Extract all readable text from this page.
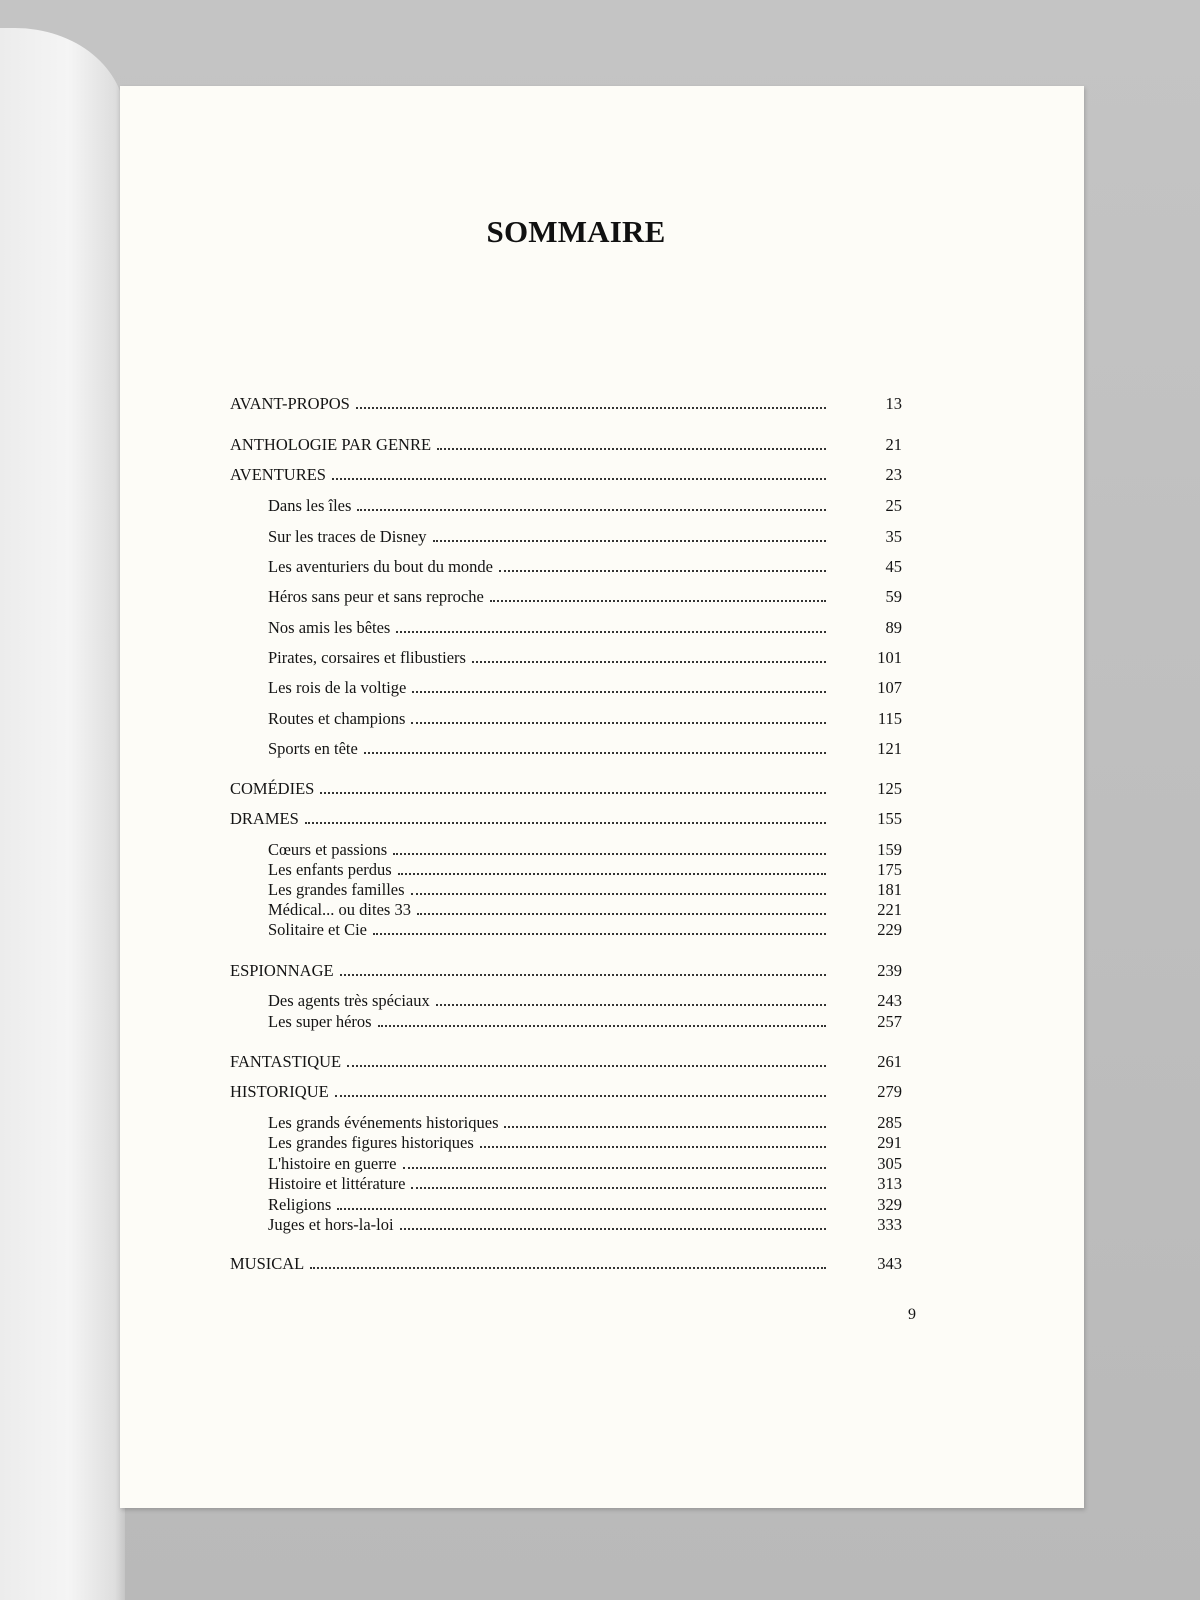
SOMMAIRE
AVANT-PROPOS	13
ANTHOLOGIE PAR GENRE	21
AVENTURES	23
Dans les îles	25
Sur les traces de Disney	35
Les aventuriers du bout du monde	45
Héros sans peur et sans reproche	59
Nos amis les bêtes	89
Pirates, corsaires et flibustiers	101
Les rois de la voltige	107
Routes et champions	115
Sports en tête	121
COMÉDIES	125
DRAMES	155
Cœurs et passions	159
Les enfants perdus	175
Les grandes familles	181
Médical... ou dites 33	221
Solitaire et Cie	229
ESPIONNAGE	239
Des agents très spéciaux	243
Les super héros	257
FANTASTIQUE	261
HISTORIQUE	279
Les grands événements historiques	285
Les grandes figures historiques	291
L'histoire en guerre	305
Histoire et littérature	313
Religions	329
Juges et hors-la-loi	333
MUSICAL	343
9
